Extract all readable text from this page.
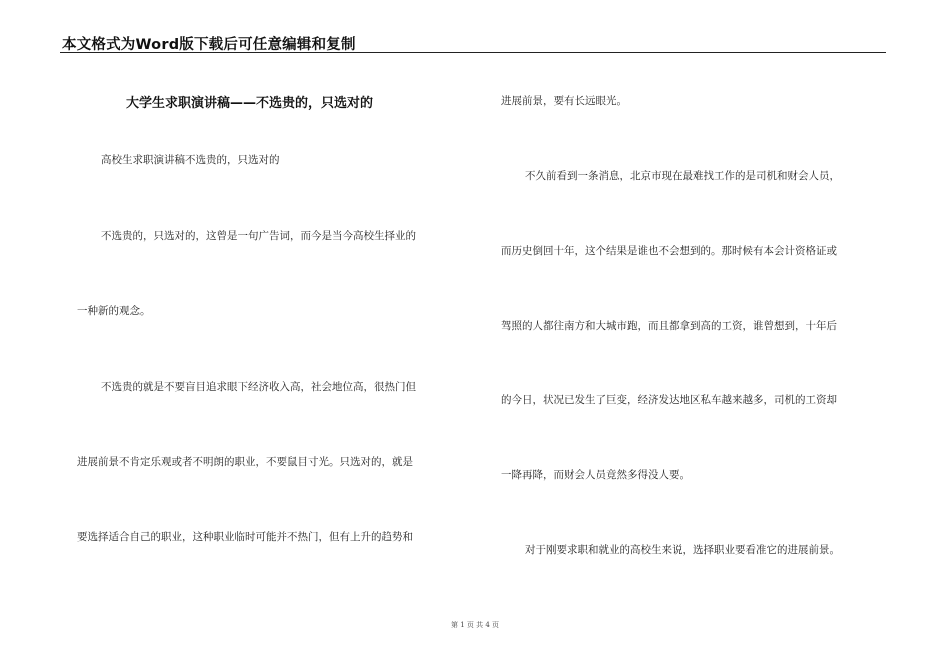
本文格式为Word版下载后可任意编辑和复制
大学生求职演讲稿——不选贵的，只选对的
高校生求职演讲稿不选贵的，只选对的
不选贵的，只选对的，这曾是一句广告词，而今是当今高校生择业的
一种新的观念。
不选贵的就是不要盲目追求眼下经济收入高，社会地位高，很热门但
进展前景不肯定乐观或者不明朗的职业，不要鼠目寸光。只选对的，就是
要选择适合自己的职业，这种职业临时可能并不热门，但有上升的趋势和
进展前景，要有长远眼光。
不久前看到一条消息，北京市现在最难找工作的是司机和财会人员，
而历史倒回十年，这个结果是谁也不会想到的。那时候有本会计资格证或
驾照的人都往南方和大城市跑，而且都拿到高的工资，谁曾想到，十年后
的今日，状况已发生了巨变，经济发达地区私车越来越多，司机的工资却
一降再降，而财会人员竟然多得没人要。
对于刚要求职和就业的高校生来说，选择职业要看准它的进展前景。
第 1 页 共 4 页
